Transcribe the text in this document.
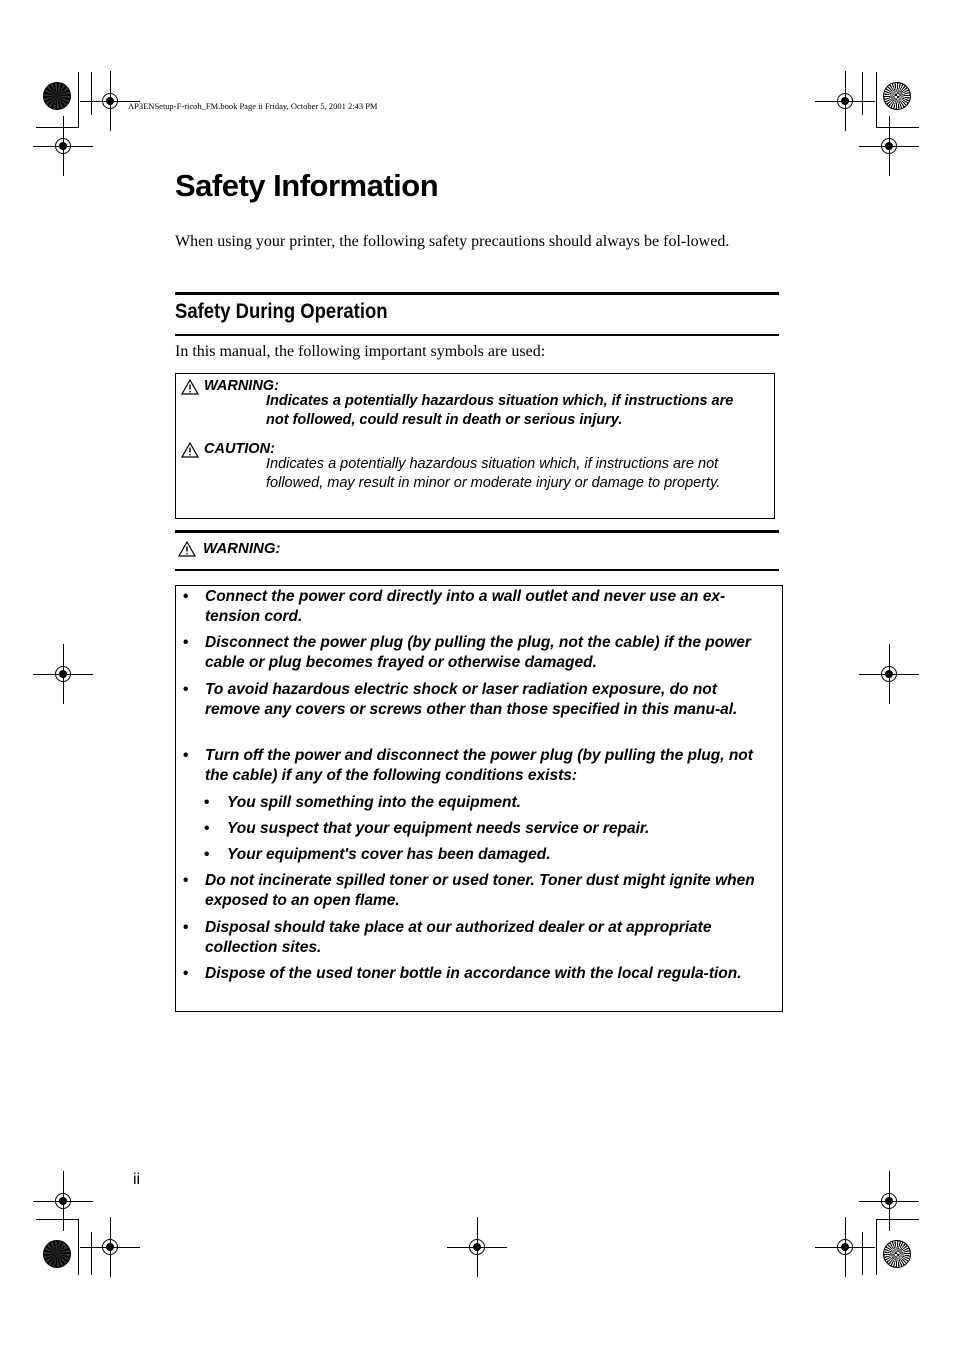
AP3ENSetup-F-ricoh_FM.book Page ii Friday, October 5, 2001 2:43 PM
Safety Information
When using your printer, the following safety precautions should always be fol-lowed.
Safety During Operation
In this manual, the following important symbols are used:
WARNING:
Indicates a potentially hazardous situation which, if instructions are not followed, could result in death or serious injury.
CAUTION:
Indicates a potentially hazardous situation which, if instructions are not followed, may result in minor or moderate injury or damage to property.
WARNING:
• Connect the power cord directly into a wall outlet and never use an ex-tension cord.
• Disconnect the power plug (by pulling the plug, not the cable) if the power cable or plug becomes frayed or otherwise damaged.
• To avoid hazardous electric shock or laser radiation exposure, do not remove any covers or screws other than those specified in this manu-al.
• Turn off the power and disconnect the power plug (by pulling the plug, not the cable) if any of the following conditions exists:
• You spill something into the equipment.
• You suspect that your equipment needs service or repair.
• Your equipment's cover has been damaged.
• Do not incinerate spilled toner or used toner. Toner dust might ignite when exposed to an open flame.
• Disposal should take place at our authorized dealer or at appropriate collection sites.
• Dispose of the used toner bottle in accordance with the local regula-tion.
ii
